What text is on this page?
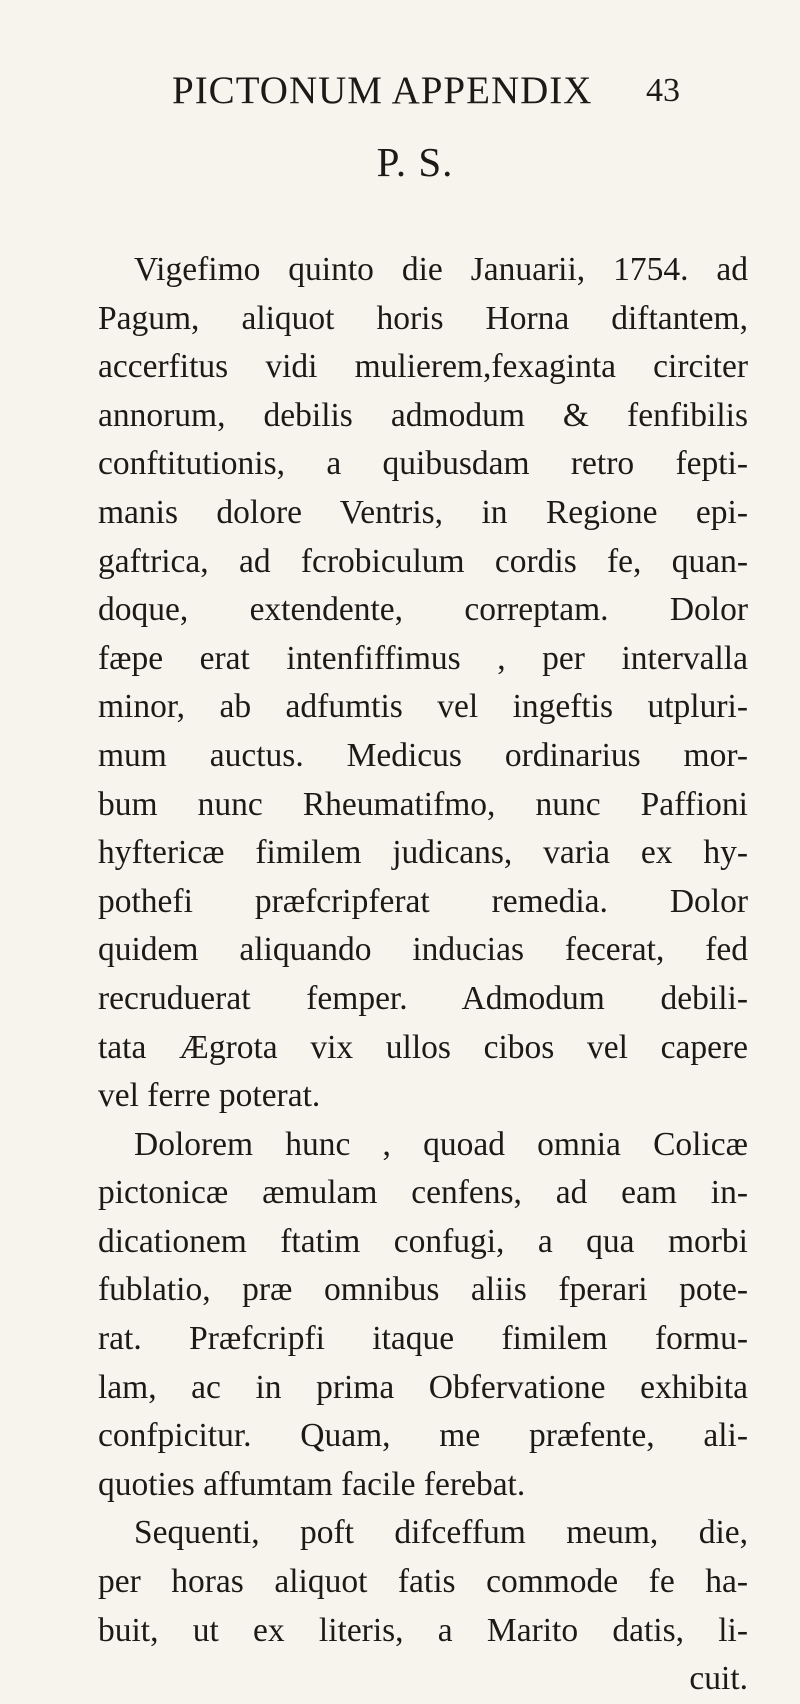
PICTONUM APPENDIX 43
P. S.
Vigefimo quinto die Januarii, 1754. ad
Pagum, aliquot horis Horna diftantem,
accerfitus vidi mulierem,fexaginta circiter
annorum, debilis admodum & fenfibilis
conftitutionis, a quibusdam retro fepti-
manis dolore Ventris, in Regione epi-
gaftrica, ad fcrobiculum cordis fe, quan-
doque, extendente, correptam. Dolor
fæpe erat intenfiffimus , per intervalla
minor, ab adfumtis vel ingeftis utpluri-
mum auctus. Medicus ordinarius mor-
bum nunc Rheumatifmo, nunc Paffioni
hyftericæ fimilem judicans, varia ex hy-
pothefi præfcripferat remedia. Dolor
quidem aliquando inducias fecerat, fed
recruduerat femper. Admodum debili-
tata Ægrota vix ullos cibos vel capere
vel ferre poterat.
Dolorem hunc , quoad omnia Colicæ
pictonicæ æmulam cenfens, ad eam in-
dicationem ftatim confugi, a qua morbi
fublatio, præ omnibus aliis fperari pote-
rat. Præfcripfi itaque fimilem formu-
lam, ac in prima Obfervatione exhibita
confpicitur. Quam, me præfente, ali-
quoties affumtam facile ferebat.
Sequenti, poft difceffum meum, die,
per horas aliquot fatis commode fe ha-
buit, ut ex literis, a Marito datis, li-
cuit.
